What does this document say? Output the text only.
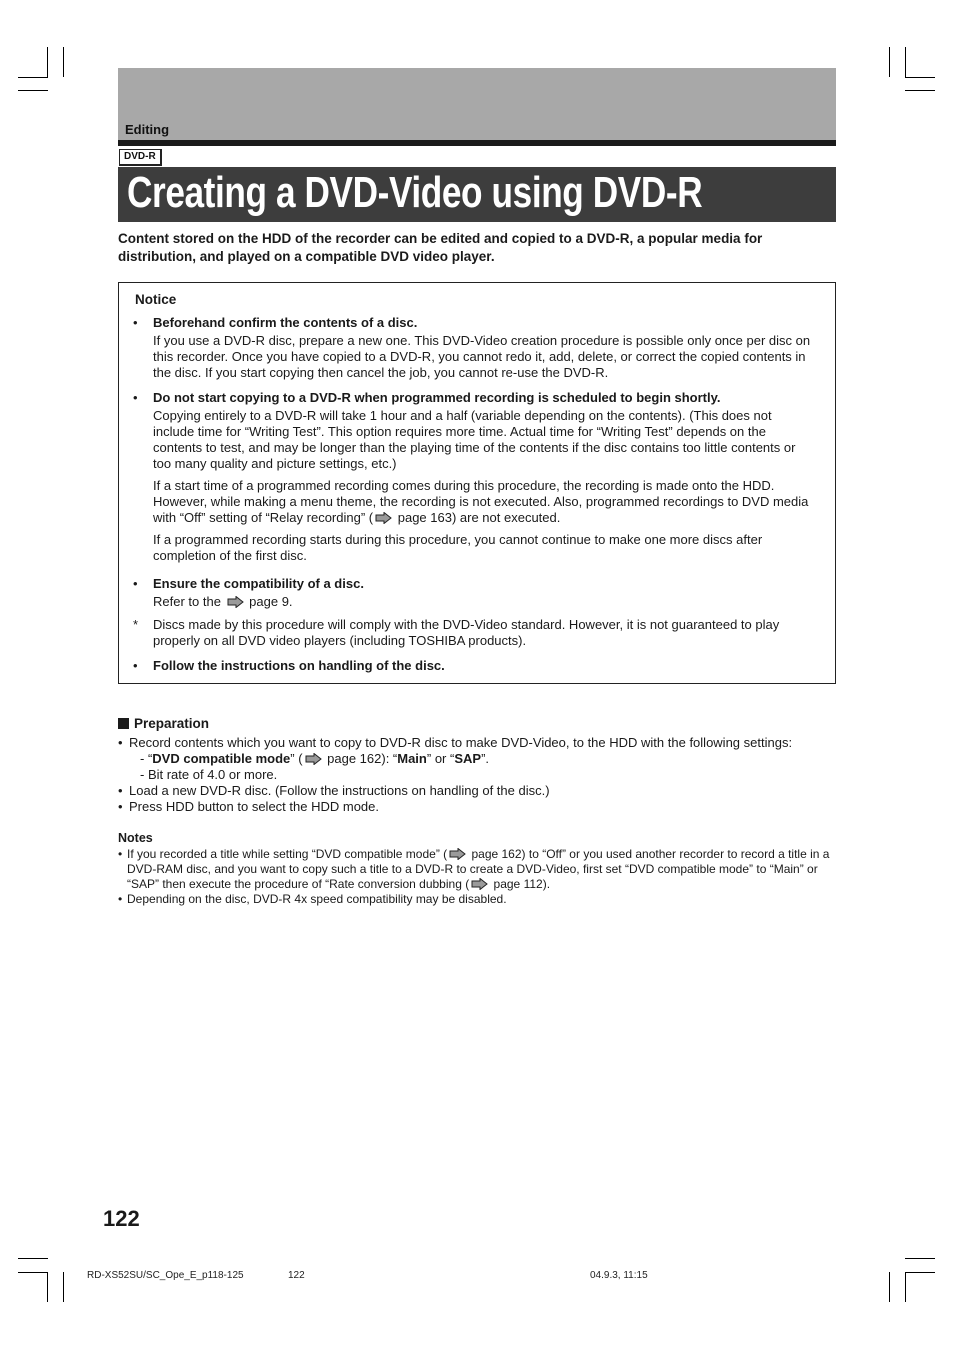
Editing
DVD-R
Creating a DVD-Video using DVD-R
Content stored on the HDD of the recorder can be edited and copied to a DVD-R, a popular media for distribution, and played on a compatible DVD video player.
Notice
•	Beforehand confirm the contents of a disc.

If you use a DVD-R disc, prepare a new one. This DVD-Video creation procedure is possible only once per disc on this recorder. Once you have copied to a DVD-R, you cannot redo it, add, delete, or correct the copied contents in the disc. If you start copying then cancel the job, you cannot re-use the DVD-R.

•	Do not start copying to a DVD-R when programmed recording is scheduled to begin shortly.

Copying entirely to a DVD-R will take 1 hour and a half (variable depending on the contents). (This does not include time for “Writing Test”. This option requires more time. Actual time for “Writing Test” depends on the contents to test, and may be longer than the playing time of the contents if the disc contains too little contents or too many quality and picture settings, etc.)

If a start time of a programmed recording comes during this procedure, the recording is made onto the HDD. However, while making a menu theme, the recording is not executed. Also, programmed recordings to DVD media with “Off” setting of “Relay recording” ( page 163) are not executed.

If a programmed recording starts during this procedure, you cannot continue to make one more discs after completion of the first disc.

•	Ensure the compatibility of a disc.

Refer to the  page 9.

*	Discs made by this procedure will comply with the DVD-Video standard. However, it is not guaranteed to play properly on all DVD video players (including TOSHIBA products).
•	Follow the instructions on handling of the disc.
Preparation
• Record contents which you want to copy to DVD-R disc to make DVD-Video, to the HDD with the following settings:
- “DVD compatible mode” ( page 162): “Main” or “SAP”.
- Bit rate of 4.0 or more.
• Load a new DVD-R disc. (Follow the instructions on handling of the disc.)
• Press HDD button to select the HDD mode.
Notes
• If you recorded a title while setting “DVD compatible mode” ( page 162) to “Off” or you used another recorder to record a title in a DVD-RAM disc, and you want to copy such a title to a DVD-R to create a DVD-Video, first set “DVD compatible mode” to “Main” or “SAP” then execute the procedure of “Rate conversion dubbing ( page 112).
• Depending on the disc, DVD-R 4x speed compatibility may be disabled.
122
RD-XS52SU/SC_Ope_E_p118-125	122	04.9.3, 11:15
